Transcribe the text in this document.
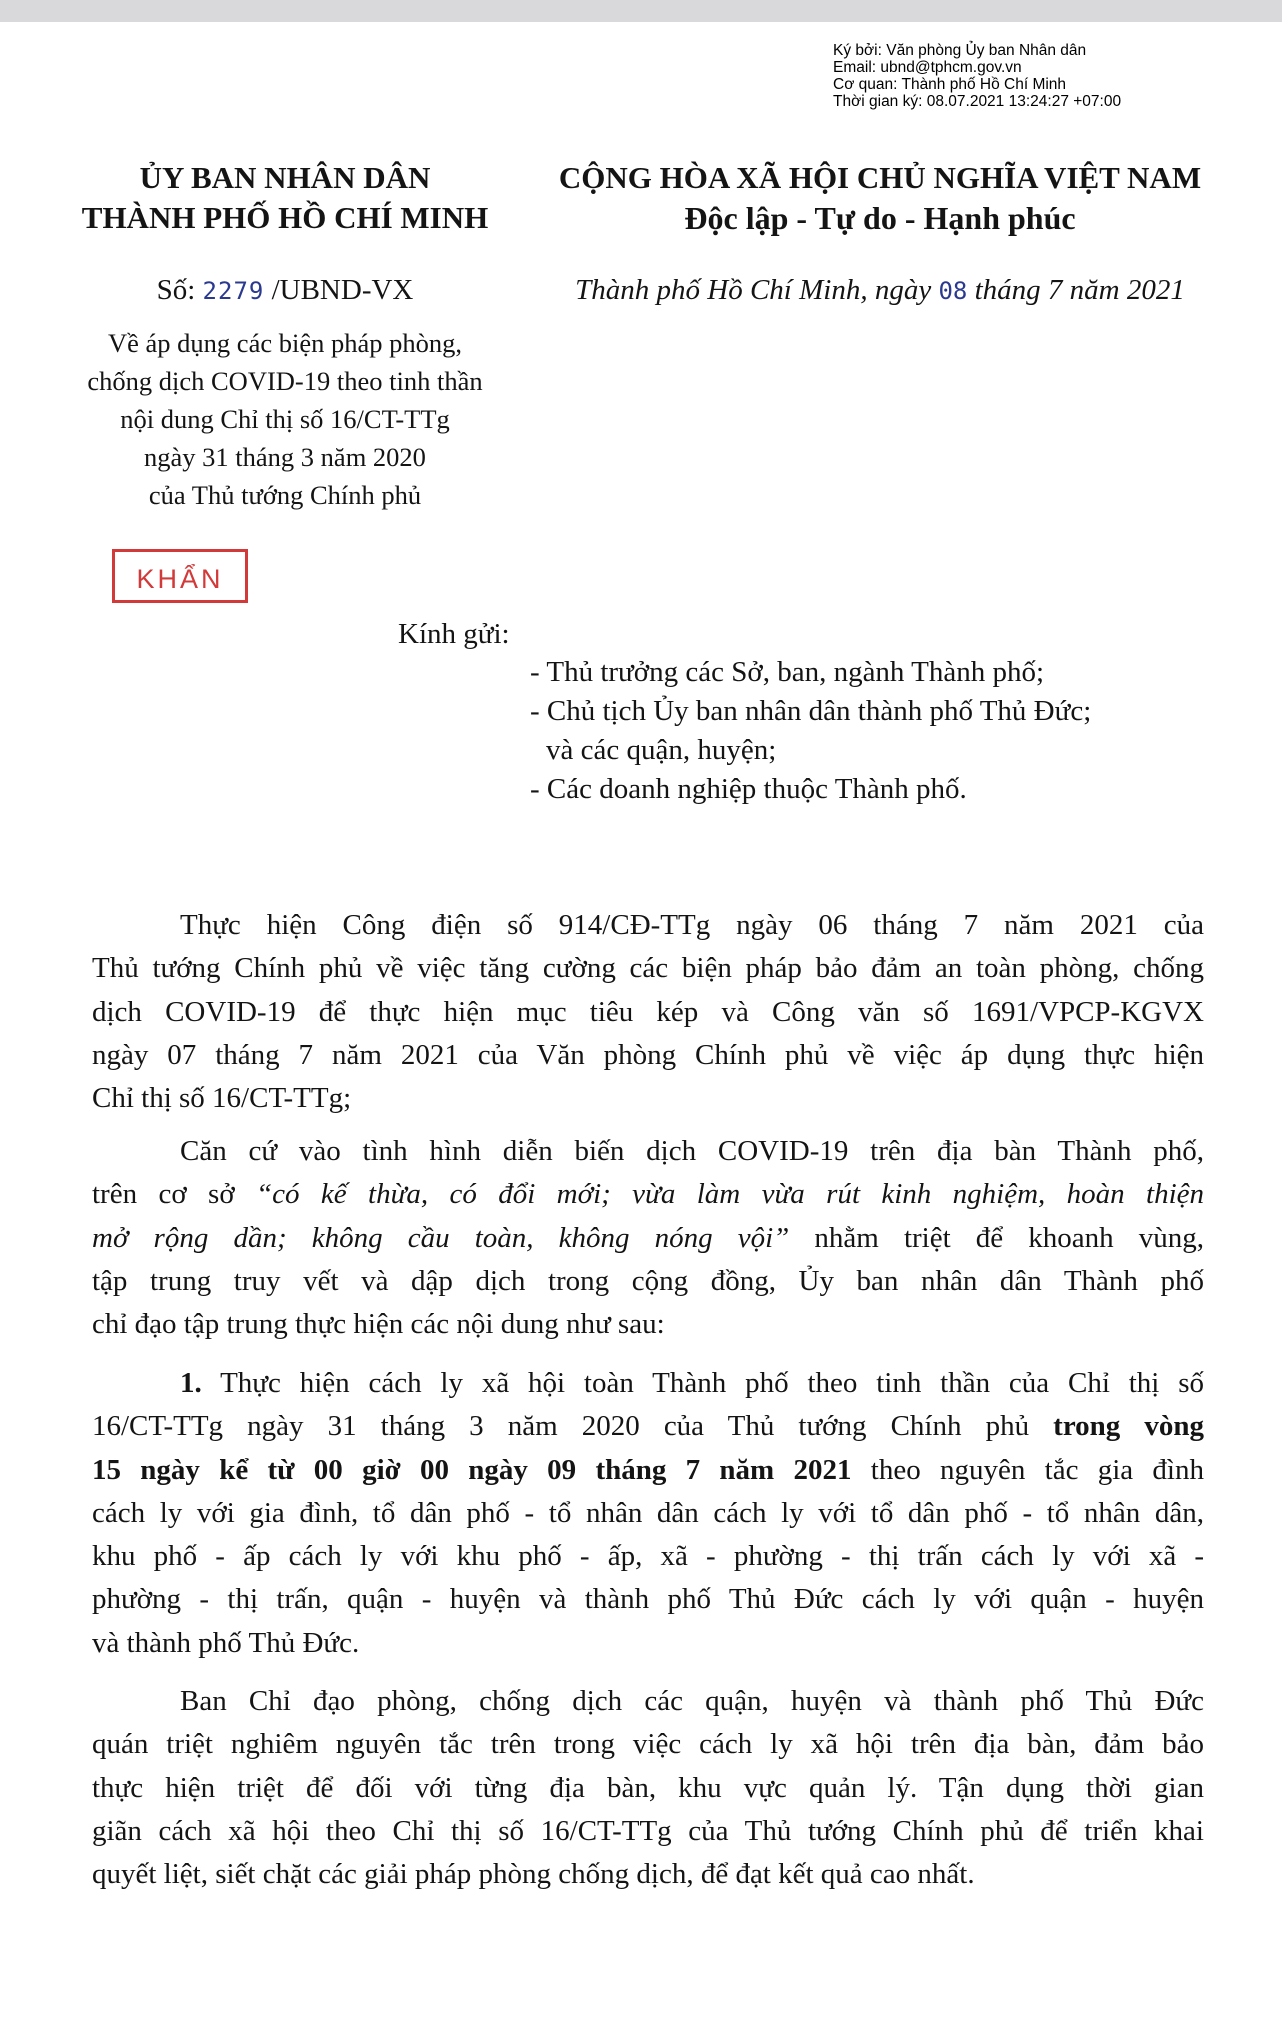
Ký bởi: Văn phòng Ủy ban Nhân dân
Email: ubnd@tphcm.gov.vn
Cơ quan: Thành phố Hồ Chí Minh
Thời gian ký: 08.07.2021 13:24:27 +07:00
ỦY BAN NHÂN DÂN
THÀNH PHỐ HỒ CHÍ MINH
CỘNG HÒA XÃ HỘI CHỦ NGHĨA VIỆT NAM
Độc lập - Tự do - Hạnh phúc
Số: 2279 /UBND-VX	Thành phố Hồ Chí Minh, ngày 08 tháng 7 năm 2021
Về áp dụng các biện pháp phòng,
chống dịch COVID-19 theo tinh thần
nội dung Chỉ thị số 16/CT-TTg
ngày 31 tháng 3 năm 2020
của Thủ tướng Chính phủ
KHẨN
Kính gửi:
- Thủ trưởng các Sở, ban, ngành Thành phố;
- Chủ tịch Ủy ban nhân dân thành phố Thủ Đức;
và các quận, huyện;
- Các doanh nghiệp thuộc Thành phố.
Thực hiện Công điện số 914/CĐ-TTg ngày 06 tháng 7 năm 2021 của
Thủ tướng Chính phủ về việc tăng cường các biện pháp bảo đảm an toàn phòng, chống
dịch COVID-19 để thực hiện mục tiêu kép và Công văn số 1691/VPCP-KGVX
ngày 07 tháng 7 năm 2021 của Văn phòng Chính phủ về việc áp dụng thực hiện
Chỉ thị số 16/CT-TTg;
Căn cứ vào tình hình diễn biến dịch COVID-19 trên địa bàn Thành phố,
trên cơ sở “có kế thừa, có đổi mới; vừa làm vừa rút kinh nghiệm, hoàn thiện
mở rộng dần; không cầu toàn, không nóng vội” nhằm triệt để khoanh vùng,
tập trung truy vết và dập dịch trong cộng đồng, Ủy ban nhân dân Thành phố
chỉ đạo tập trung thực hiện các nội dung như sau:
1. Thực hiện cách ly xã hội toàn Thành phố theo tinh thần của Chỉ thị số
16/CT-TTg ngày 31 tháng 3 năm 2020 của Thủ tướng Chính phủ trong vòng
15 ngày kể từ 00 giờ 00 ngày 09 tháng 7 năm 2021 theo nguyên tắc gia đình
cách ly với gia đình, tổ dân phố - tổ nhân dân cách ly với tổ dân phố - tổ nhân dân,
khu phố - ấp cách ly với khu phố - ấp, xã - phường - thị trấn cách ly với xã -
phường - thị trấn, quận - huyện và thành phố Thủ Đức cách ly với quận - huyện
và thành phố Thủ Đức.
Ban Chỉ đạo phòng, chống dịch các quận, huyện và thành phố Thủ Đức
quán triệt nghiêm nguyên tắc trên trong việc cách ly xã hội trên địa bàn, đảm bảo
thực hiện triệt để đối với từng địa bàn, khu vực quản lý. Tận dụng thời gian
giãn cách xã hội theo Chỉ thị số 16/CT-TTg của Thủ tướng Chính phủ để triển khai
quyết liệt, siết chặt các giải pháp phòng chống dịch, để đạt kết quả cao nhất.
